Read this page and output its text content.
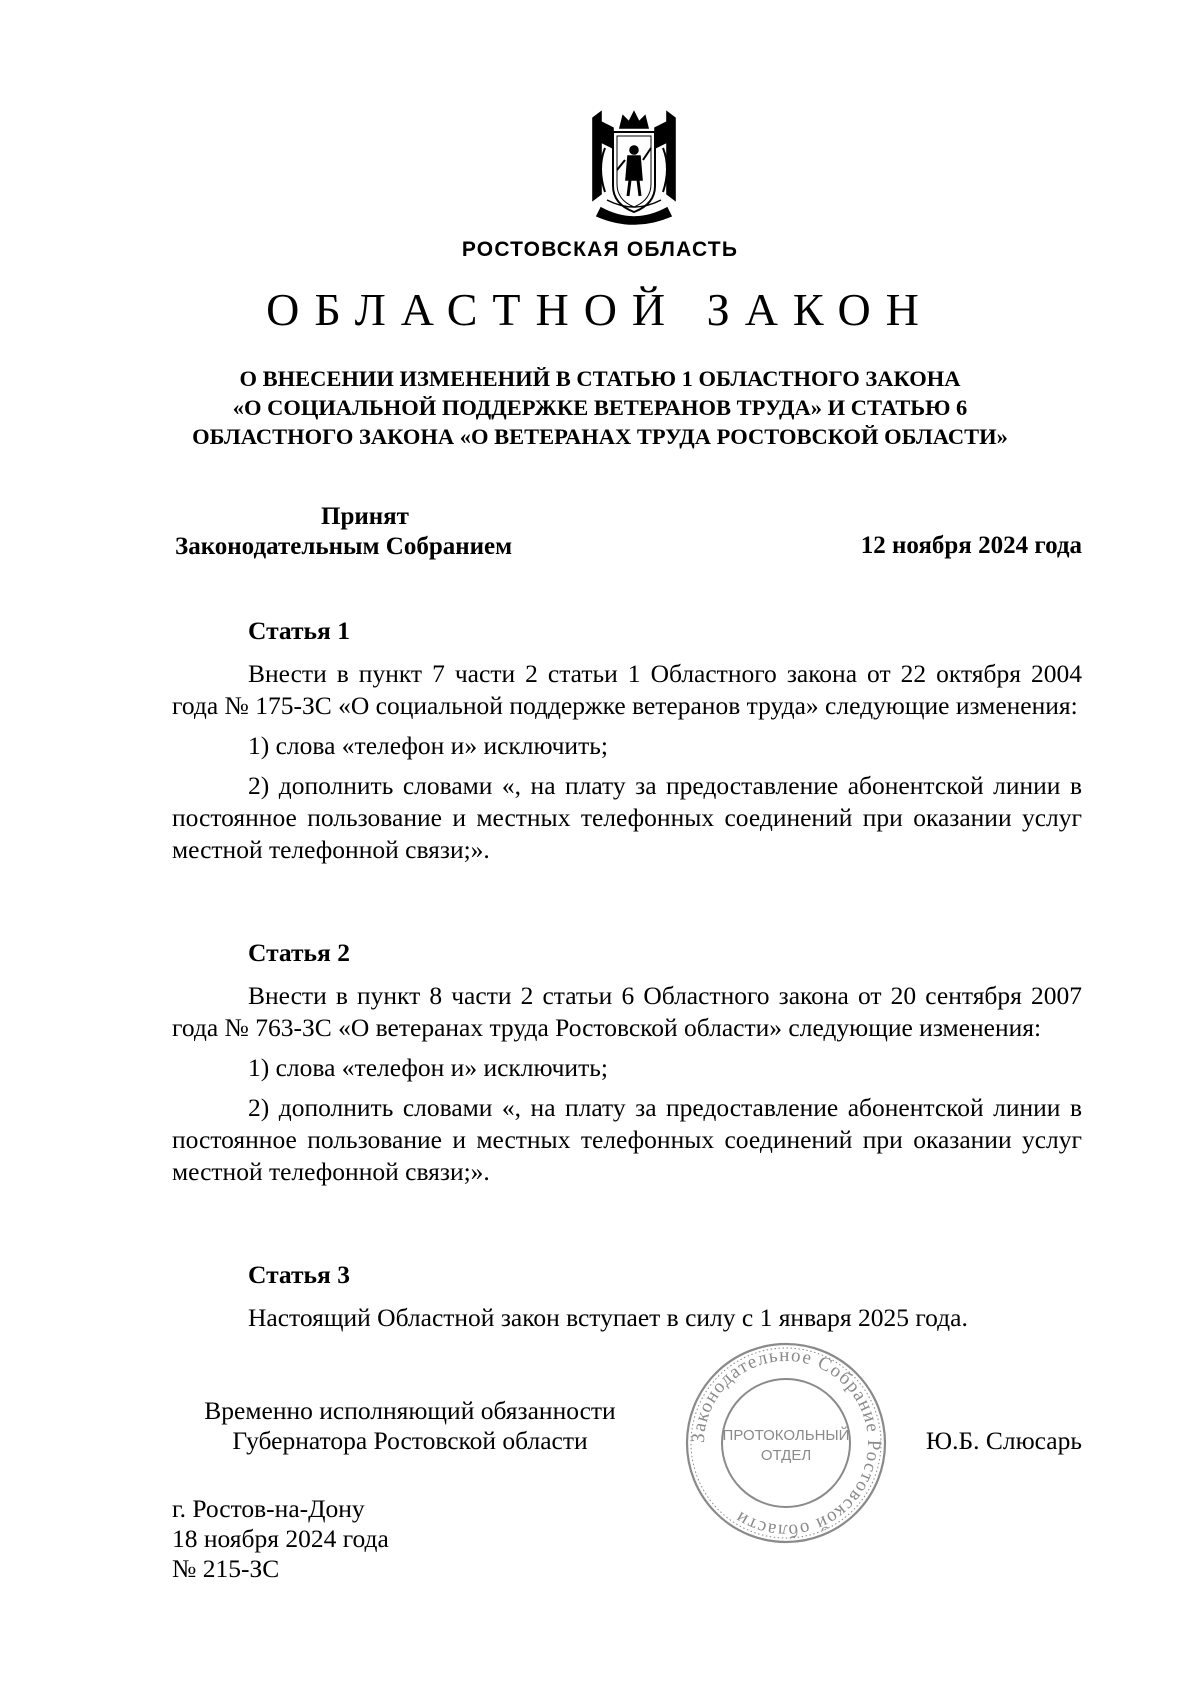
РОСТОВСКАЯ ОБЛАСТЬ
ОБЛАСТНОЙ ЗАКОН
О ВНЕСЕНИИ ИЗМЕНЕНИЙ В СТАТЬЮ 1 ОБЛАСТНОГО ЗАКОНА
«О СОЦИАЛЬНОЙ ПОДДЕРЖКЕ ВЕТЕРАНОВ ТРУДА» И СТАТЬЮ 6
ОБЛАСТНОГО ЗАКОНА «О ВЕТЕРАНАХ ТРУДА РОСТОВСКОЙ ОБЛАСТИ»
Принят
Законодательным Собранием	12 ноября 2024 года
Статья 1

Внести в пункт 7 части 2 статьи 1 Областного закона от 22 октября 2004 года № 175-ЗС «О социальной поддержке ветеранов труда» следующие изменения:

1) слова «телефон и» исключить;

2) дополнить словами «, на плату за предоставление абонентской линии в постоянное пользование и местных телефонных соединений при оказании услуг местной телефонной связи;».

Статья 2

Внести в пункт 8 части 2 статьи 6 Областного закона от 20 сентября 2007 года № 763-ЗС «О ветеранах труда Ростовской области» следующие изменения:

1) слова «телефон и» исключить;

2) дополнить словами «, на плату за предоставление абонентской линии в постоянное пользование и местных телефонных соединений при оказании услуг местной телефонной связи;».

Статья 3

Настоящий Областной закон вступает в силу с 1 января 2025 года.

Временно исполняющий обязанности
Губернатора Ростовской области	Законодательное Собрание Ростовской области
ПРОТОКОЛЬНЫЙ
ОТДЕЛ
Ю.Б. Слюсарь
г. Ростов-на-Дону
18 ноября 2024 года
№ 215-ЗС
